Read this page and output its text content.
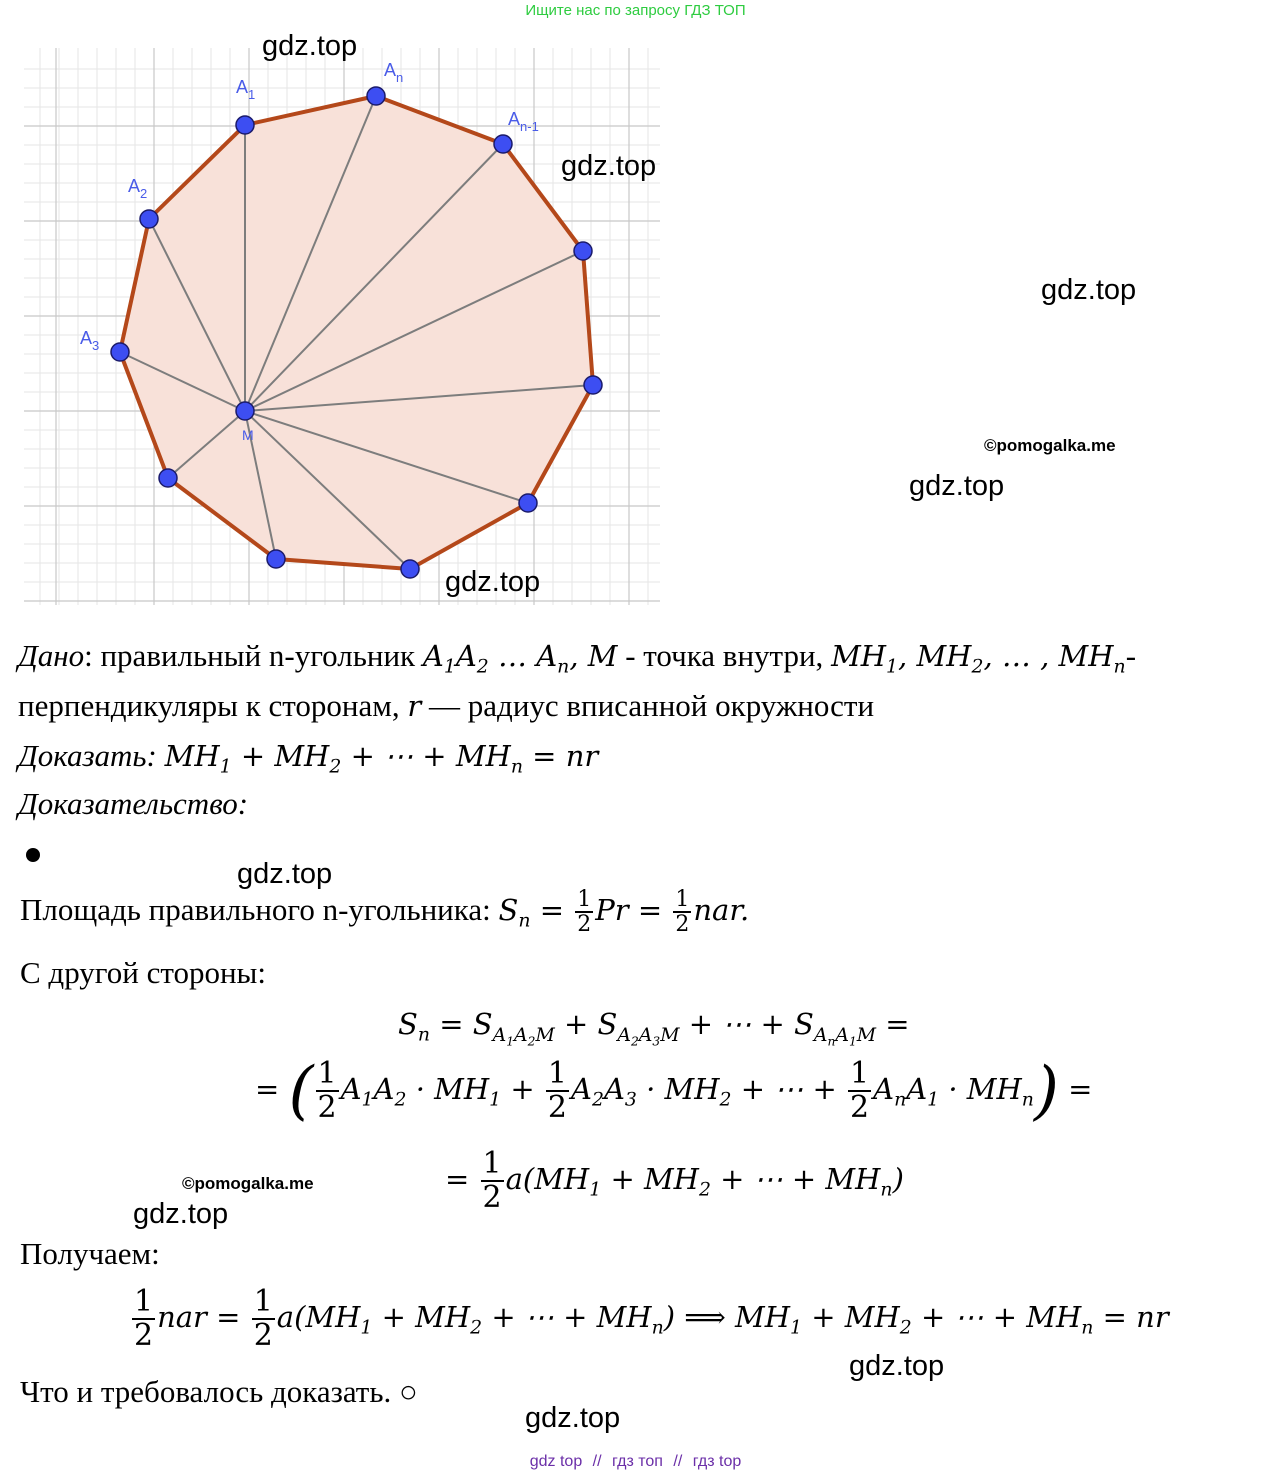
Ищите нас по запросу ГДЗ ТОП
$A_1$
$A_n$
$A_{n-1}$
$A_2$
$A_3$
M
gdz.top
gdz.top
gdz.top
©pomogalka.me
gdz.top
gdz.top
Дано: правильный n-угольник $A_1A_2$ … $A_n$, M - точка внутри, $MH_1$, $MH_2$, … , $MH_n-$
перпендикуляры к сторонам, r — радиус вписанной окружности
Доказать: $MH_1 + MH_2$ + ⋯ + $MH_n$ = nr
Доказательство:
gdz.top
Площадь правильного n-угольника: $S_n = \frac{1}{2}$ $Pr = \frac{1}{2}$ nar.
С другой стороны:
$S_n = S_{A_1A_2M} + S_{A_2A_3M}$ + ⋯ + $S_{A_nA_1M}$ =
= ( $\frac{1}{2} A_1A_2 \cdot MH_1 + \frac{1}{2} A_2A_3 \cdot MH_2$ + ⋯ + $\frac{1}{2} A_nA_1 \cdot MH_n$) =
= $\frac{1}{2} a(MH_1 + MH_2$ + ⋯ + $MH_n$)
©pomogalka.me
gdz.top
Получаем:
$\frac{1}{2}$ nar = $\frac{1}{2} a(MH_1 + MH_2$ + ⋯ + $MH_n$) ⟹ $MH_1 + MH_2$ + ⋯ + $MH_n$ = nr
gdz.top
Что и требовалось доказать. ○
gdz.top
gdz top // гдз топ // гдз top
